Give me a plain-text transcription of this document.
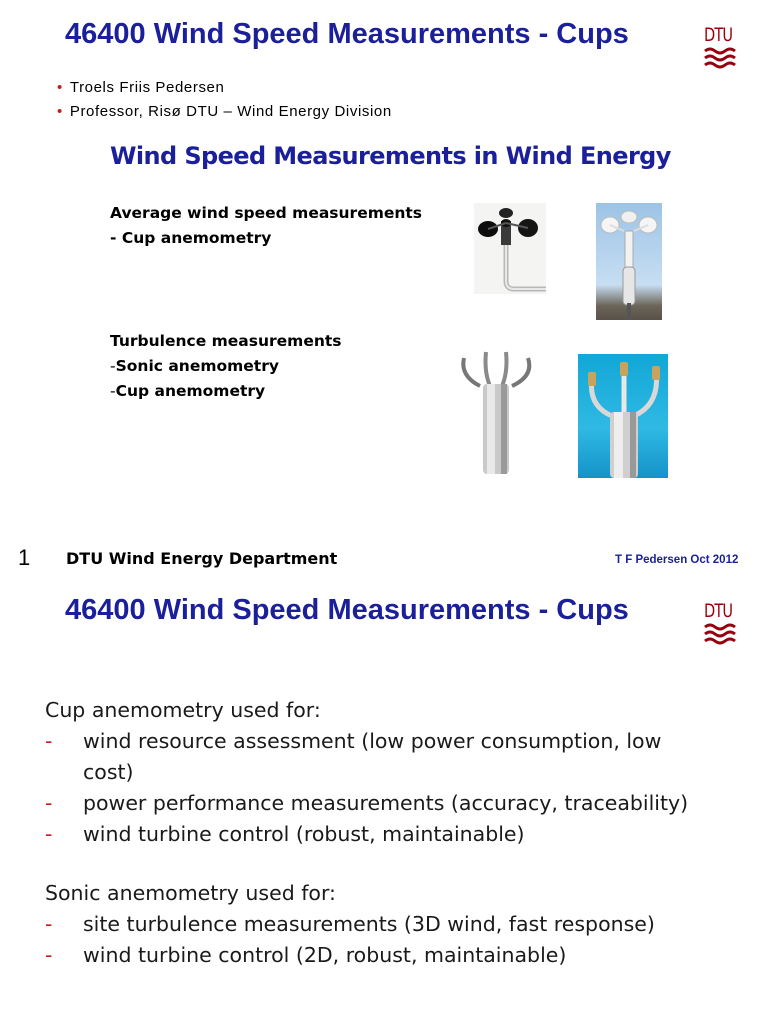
46400 Wind Speed Measurements - Cups	DTU
• Troels Friis Pedersen
• Professor, Risø DTU – Wind Energy Division
Wind Speed Measurements in Wind Energy
Average wind speed measurements
- Cup anemometry
Turbulence measurements
-Sonic anemometry
-Cup anemometry
1 DTU Wind Energy Department	T F Pedersen Oct 2012
46400 Wind Speed Measurements - Cups	DTU
Cup anemometry used for:
- wind resource assessment (low power consumption, low
cost)
- power performance measurements (accuracy, traceability)
- wind turbine control (robust, maintainable)
Sonic anemometry used for:
- site turbulence measurements (3D wind, fast response)
- wind turbine control (2D, robust, maintainable)
